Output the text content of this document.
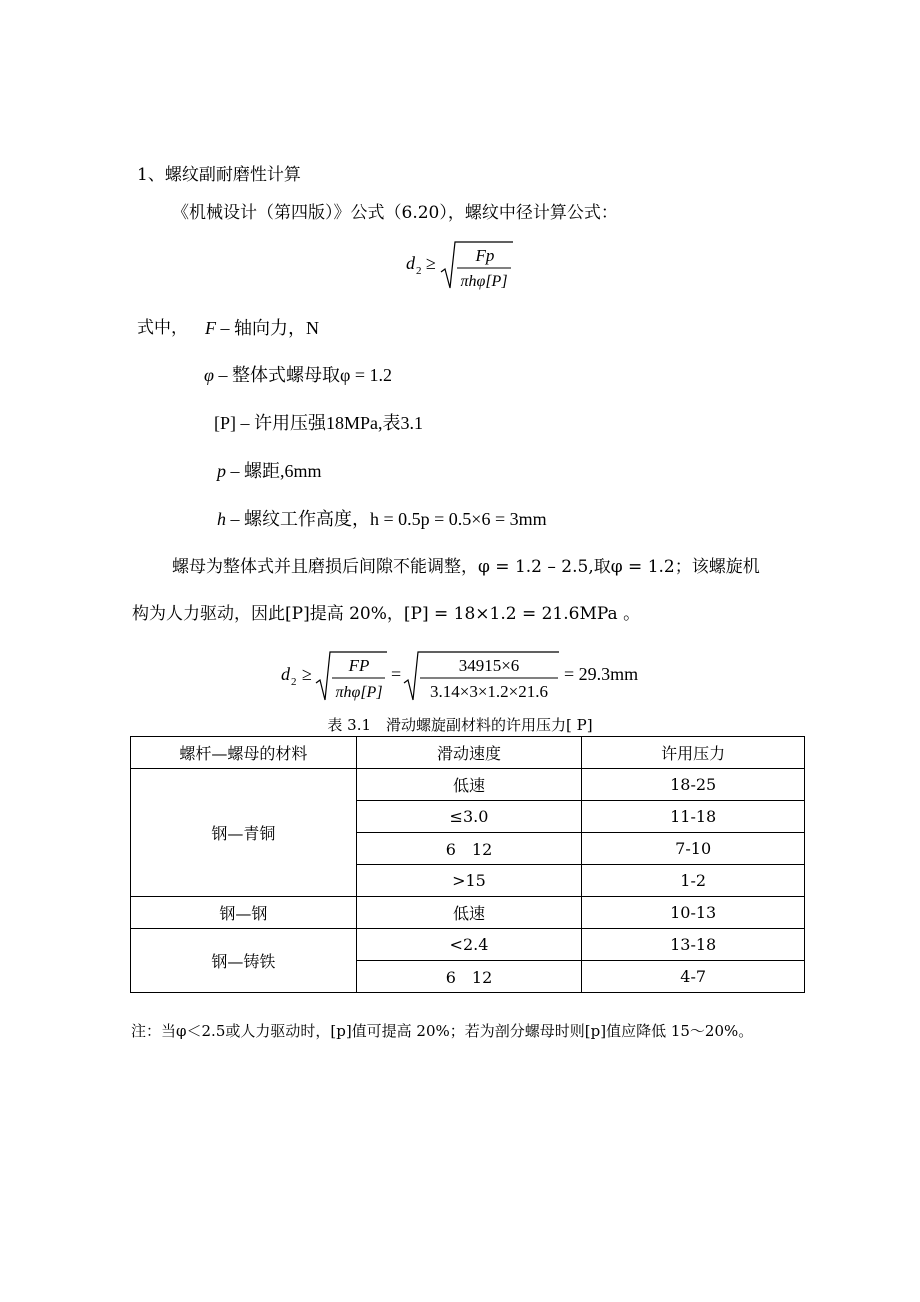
1、螺纹副耐磨性计算
《机械设计（第四版）》公式（6.20），螺纹中径计算公式：
d 2 ≥ Fp
πhφ[P]
式中， F – 轴向力，N
φ – 整体式螺母取φ = 1.2
[P] – 许用压强18MPa,表3.1
p – 螺距,6mm
h – 螺纹工作高度，h = 0.5p = 0.5×6 = 3mm
螺母为整体式并且磨损后间隙不能调整，φ = 1.2 – 2.5,取φ = 1.2；该螺旋机
构为人力驱动，因此[P]提高 20%，[P] = 18×1.2 = 21.6MPa 。
d 2 ≥ FP
πhφ[P]
=	34915×6
3.14×3×1.2×21.6
= 29.3mm
表 3.1　滑动螺旋副材料的许用压力[ P]
螺杆—螺母的材料	滑动速度	许用压力
钢—青铜	低速	18-25
	≤3.0	11-18
	6　12	7-10
	>15	1-2
钢—钢	低速	10-13
钢—铸铁	<2.4	13-18
	6　12	4-7
注：当φ＜2.5或人力驱动时，[p]值可提高 20%；若为剖分螺母时则[p]值应降低 15～20%。
